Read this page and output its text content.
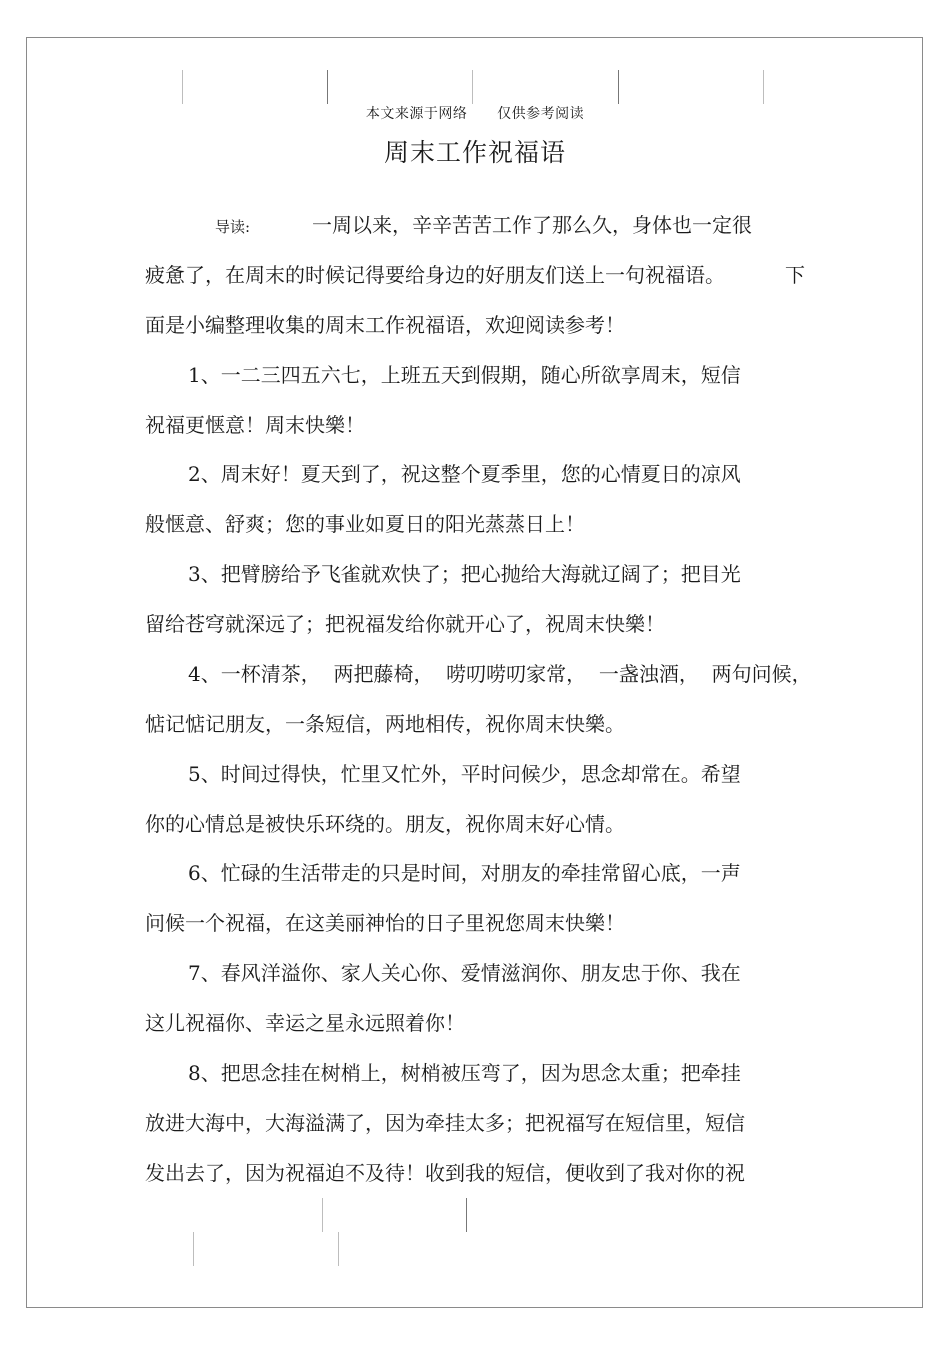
本文来源于网络      仅供参考阅读
周末工作祝福语
导读:	一周以来，辛辛苦苦工作了那么久，身体也一定很
疲惫了，在周末的时候记得要给身边的好朋友们送上一句祝福语。	下
面是小编整理收集的周末工作祝福语，欢迎阅读参考！
1、一二三四五六七，上班五天到假期，随心所欲享周末，短信
祝福更惬意！周末快樂！
2、周末好！夏天到了，祝这整个夏季里，您的心情夏日的凉风
般惬意、舒爽；您的事业如夏日的阳光蒸蒸日上！
3、把臂膀给予飞雀就欢快了；把心抛给大海就辽阔了；把目光
留给苍穹就深远了；把祝福发给你就开心了，祝周末快樂！
4、一杯清茶，  两把藤椅，  唠叨唠叨家常，  一盏浊酒，  两句问候，
惦记惦记朋友，一条短信，两地相传，祝你周末快樂。
5、时间过得快，忙里又忙外，平时问候少，思念却常在。希望
你的心情总是被快乐环绕的。朋友，祝你周末好心情。
6、忙碌的生活带走的只是时间，对朋友的牵挂常留心底，一声
问候一个祝福，在这美丽神怡的日子里祝您周末快樂！
7、春风洋溢你、家人关心你、爱情滋润你、朋友忠于你、我在
这儿祝福你、幸运之星永远照着你！
8、把思念挂在树梢上，树梢被压弯了，因为思念太重；把牵挂
放进大海中，大海溢满了，因为牵挂太多；把祝福写在短信里，短信
发出去了，因为祝福迫不及待！收到我的短信，便收到了我对你的祝
